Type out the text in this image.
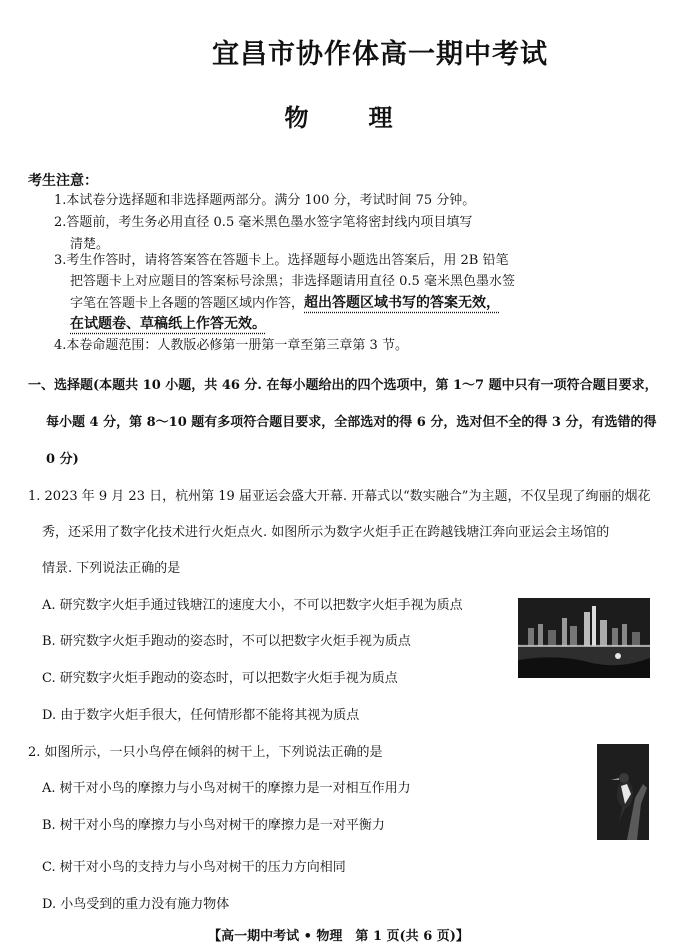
宜昌市协作体高一期中考试
物理
考生注意：
1.本试卷分选择题和非选择题两部分。满分 100 分，考试时间 75 分钟。
2.答题前，考生务必用直径 0.5 毫米黑色墨水签字笔将密封线内项目填写
清楚。
3.考生作答时，请将答案答在答题卡上。选择题每小题选出答案后，用 2B 铅笔
把答题卡上对应题目的答案标号涂黑；非选择题请用直径 0.5 毫米黑色墨水签
字笔在答题卡上各题的答题区域内作答，超出答题区域书写的答案无效，
在试题卷、草稿纸上作答无效。
4.本卷命题范围：人教版必修第一册第一章至第三章第 3 节。
一、选择题(本题共 10 小题，共 46 分. 在每小题给出的四个选项中，第 1～7 题中只有一项符合题目要求，
每小题 4 分，第 8～10 题有多项符合题目要求，全部选对的得 6 分，选对但不全的得 3 分，有选错的得
0 分)
1. 2023 年 9 月 23 日，杭州第 19 届亚运会盛大开幕. 开幕式以“数实融合”为主题，不仅呈现了绚丽的烟花
秀，还采用了数字化技术进行火炬点火. 如图所示为数字火炬手正在跨越钱塘江奔向亚运会主场馆的
情景. 下列说法正确的是
A. 研究数字火炬手通过钱塘江的速度大小，不可以把数字火炬手视为质点
B. 研究数字火炬手跑动的姿态时，不可以把数字火炬手视为质点
C. 研究数字火炬手跑动的姿态时，可以把数字火炬手视为质点
D. 由于数字火炬手很大，任何情形都不能将其视为质点
2. 如图所示，一只小鸟停在倾斜的树干上，下列说法正确的是
A. 树干对小鸟的摩擦力与小鸟对树干的摩擦力是一对相互作用力
B. 树干对小鸟的摩擦力与小鸟对树干的摩擦力是一对平衡力
C. 树干对小鸟的支持力与小鸟对树干的压力方向相同
D. 小鸟受到的重力没有施力物体
【高一期中考试 • 物理　第 1 页(共 6 页)】
